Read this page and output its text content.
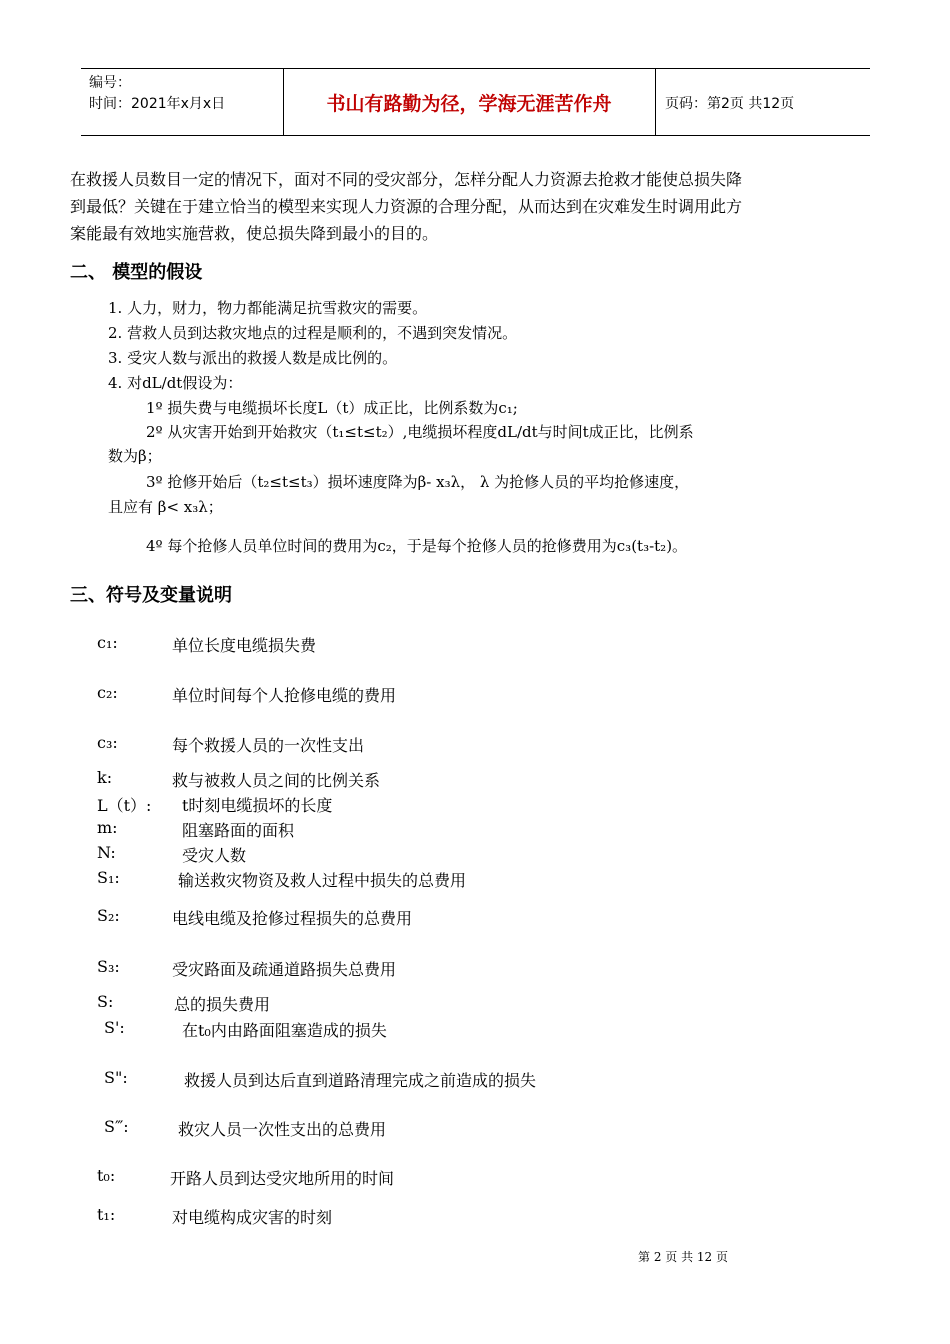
编号：
时间：2021年x月x日	书山有路勤为径，学海无涯苦作舟	页码：第2页 共12页

在救援人员数目一定的情况下，面对不同的受灾部分，怎样分配人力资源去抢救才能使总损失降

到最低？关键在于建立恰当的模型来实现人力资源的合理分配，从而达到在灾难发生时调用此方

案能最有效地实施营救，使总损失降到最小的目的。

二、 模型的假设
1. 人力，财力，物力都能满足抗雪救灾的需要。
2. 营救人员到达救灾地点的过程是顺利的，不遇到突发情况。
3. 受灾人数与派出的救援人数是成比例的。
4. 对dL/dt假设为：
1º 损失费与电缆损坏长度L（t）成正比，比例系数为c₁;
2º 从灾害开始到开始救灾（t₁≤t≤t₂）,电缆损坏程度dL/dt与时间t成正比，比例系
数为β；
3º 抢修开始后（t₂≤t≤t₃）损坏速度降为β- x₃λ， λ 为抢修人员的平均抢修速度，
且应有 β< x₃λ；
4º 每个抢修人员单位时间的费用为c₂，于是每个抢修人员的抢修费用为c₃(t₃-t₂)。
三、符号及变量说明
c₁:	单位长度电缆损失费
c₂:	单位时间每个人抢修电缆的费用
c₃:	每个救援人员的一次性支出
k:	救与被救人员之间的比例关系
L（t）: t时刻电缆损坏的长度
m:	阻塞路面的面积
N:	受灾人数
S₁:	输送救灾物资及救人过程中损失的总费用
S₂:	电线电缆及抢修过程损失的总费用
S₃:	受灾路面及疏通道路损失总费用
S:	总的损失费用
S':	在t₀内由路面阻塞造成的损失
S":	救援人员到达后直到道路清理完成之前造成的损失
S‴:	救灾人员一次性支出的总费用
t₀:	开路人员到达受灾地所用的时间
t₁:	对电缆构成灾害的时刻
第 2 页 共 12 页
